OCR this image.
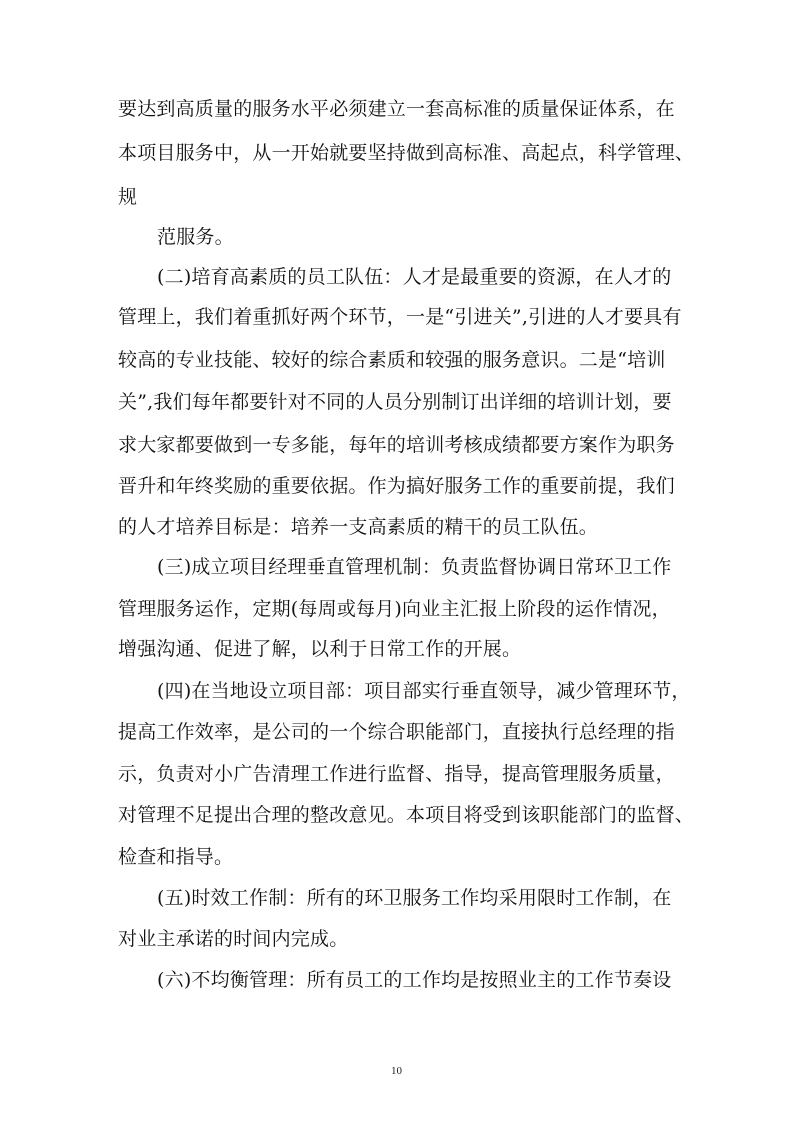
要达到高质量的服务水平必须建立一套高标准的质量保证体系，在
本项目服务中，从一开始就要坚持做到高标准、高起点，科学管理、
规
范服务。
(二)培育高素质的员工队伍：人才是最重要的资源，在人才的
管理上，我们着重抓好两个环节，一是“引进关”,引进的人才要具有
较高的专业技能、较好的综合素质和较强的服务意识。二是“培训
关”,我们每年都要针对不同的人员分别制订出详细的培训计划，要
求大家都要做到一专多能，每年的培训考核成绩都要方案作为职务
晋升和年终奖励的重要依据。作为搞好服务工作的重要前提，我们
的人才培养目标是：培养一支高素质的精干的员工队伍。
(三)成立项目经理垂直管理机制：负责监督协调日常环卫工作
管理服务运作，定期(每周或每月)向业主汇报上阶段的运作情况，
增强沟通、促进了解，以利于日常工作的开展。
(四)在当地设立项目部：项目部实行垂直领导，减少管理环节，
提高工作效率，是公司的一个综合职能部门，直接执行总经理的指
示，负责对小广告清理工作进行监督、指导，提高管理服务质量，
对管理不足提出合理的整改意见。本项目将受到该职能部门的监督、
检查和指导。
(五)时效工作制：所有的环卫服务工作均采用限时工作制，在
对业主承诺的时间内完成。
(六)不均衡管理：所有员工的工作均是按照业主的工作节奏设
10
